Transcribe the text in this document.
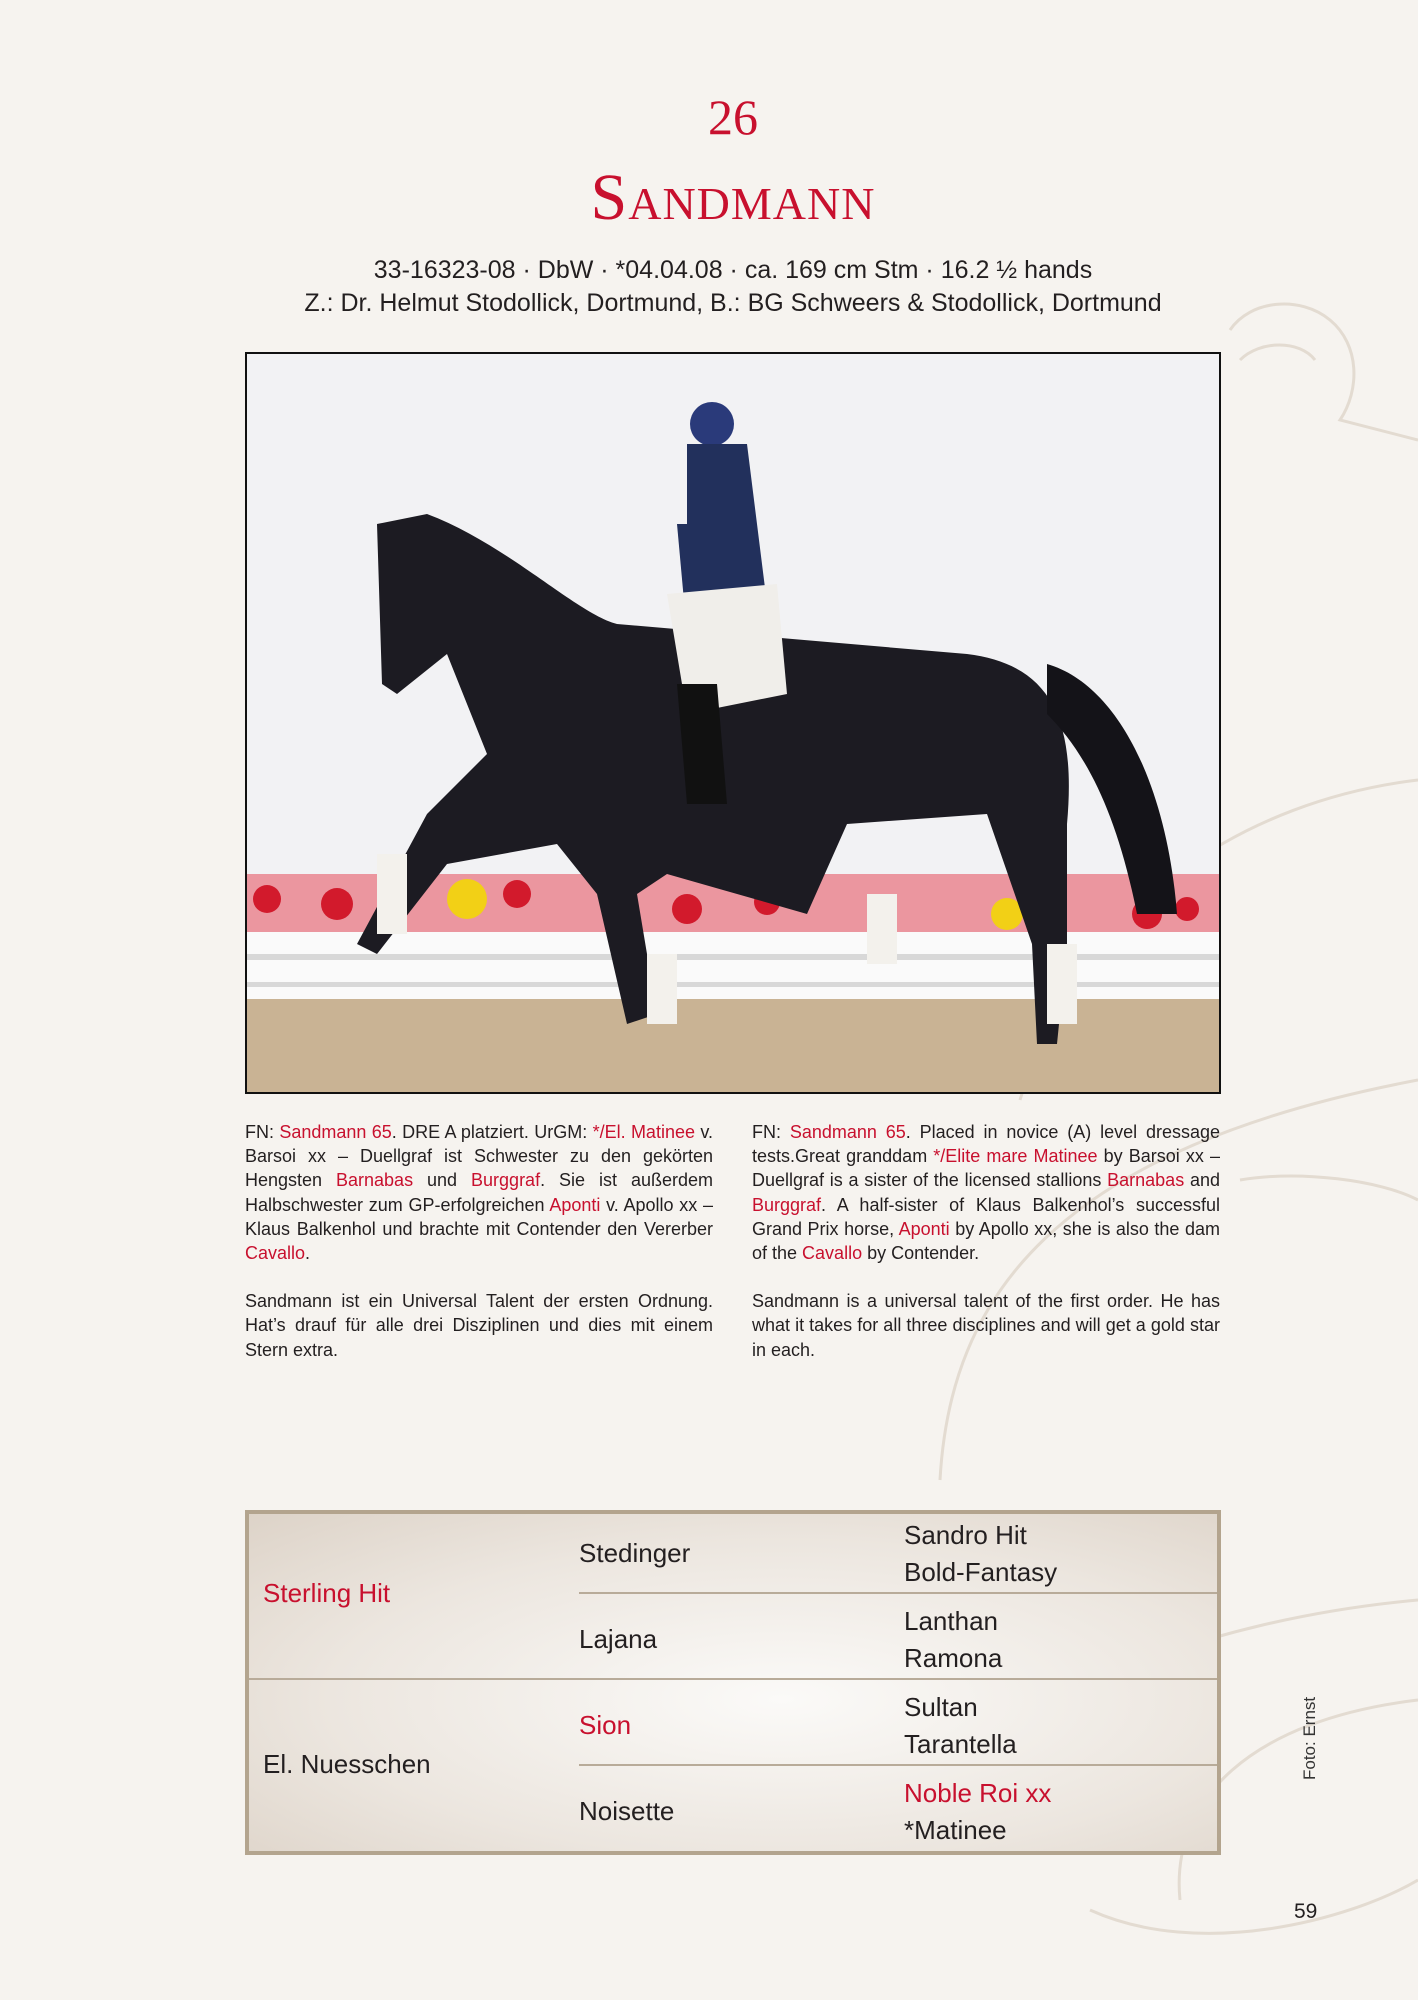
26
Sandmann
33-16323-08 · DbW · *04.04.08 · ca. 169 cm Stm · 16.2 ½ hands
Z.: Dr. Helmut Stodollick, Dortmund, B.: BG Schweers & Stodollick, Dortmund

FN: Sandmann 65. DRE A platziert. UrGM: */El. Matinee v. Barsoi xx – Duellgraf ist Schwester zu den gekörten Hengsten Barnabas und Burggraf. Sie ist außerdem Halbschwester zum GP-erfolgreichen Aponti v. Apollo xx – Klaus Balkenhol und brachte mit Contender den Vererber Cavallo.

Sandmann ist ein Universal Talent der ersten Ordnung. Hat’s drauf für alle drei Disziplinen und dies mit einem Stern extra.

FN: Sandmann 65. Placed in novice (A) level dressage tests.Great granddam */Elite mare Matinee by Barsoi xx – Duellgraf is a sister of the licensed stallions Barnabas and Burggraf. A half-sister of Klaus Balkenhol’s successful Grand Prix horse, Aponti by Apollo xx, she is also the dam of the Cavallo by Contender.

Sandmann is a universal talent of the first order. He has what it takes for all three disciplines and will get a gold star in each.

Sterling Hit
El. Nuesschen
Stedinger
Lajana
Sion
Noisette
Sandro Hit
Bold-Fantasy
Lanthan
Ramona
Sultan
Tarantella
Noble Roi xx
*Matinee
Foto: Ernst
59
